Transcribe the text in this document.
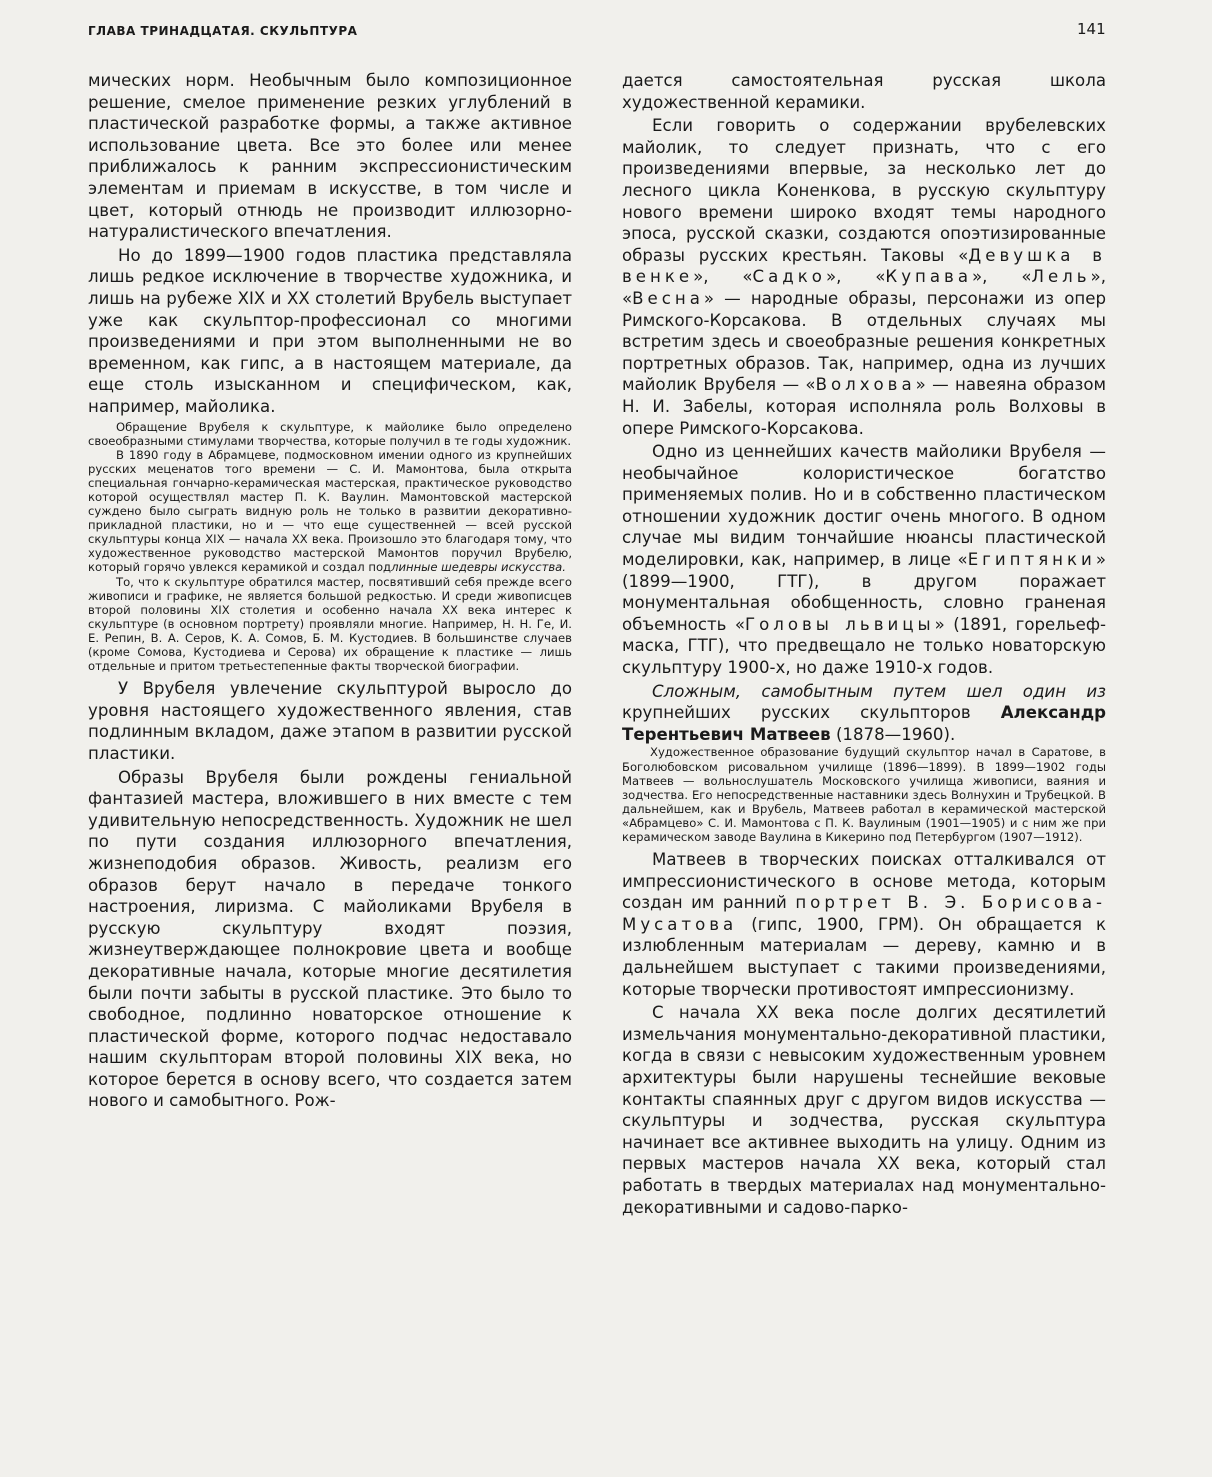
ГЛАВА ТРИНАДЦАТАЯ. СКУЛЬПТУРА	141

мических норм. Необычным было композиционное решение, смелое применение резких углублений в пластической разработке формы, а также активное использование цвета. Все это более или менее приближалось к ранним экспрессионистическим элементам и приемам в искусстве, в том числе и цвет, который отнюдь не производит иллюзорно-натуралистического впечатления.

Но до 1899—1900 годов пластика представляла лишь редкое исключение в творчестве художника, и лишь на рубеже XIX и XX столетий Врубель выступает уже как скульптор-профессионал со многими произведениями и при этом выполненными не во временном, как гипс, а в настоящем материале, да еще столь изысканном и специфическом, как, например, майолика.

Обращение Врубеля к скульптуре, к майолике было определено своеобразными стимулами творчества, которые получил в те годы художник.

В 1890 году в Абрамцеве, подмосковном имении одного из крупнейших русских меценатов того времени — С. И. Мамонтова, была открыта специальная гончарно-керамическая мастерская, практическое руководство которой осуществлял мастер П. К. Ваулин. Мамонтовской мастерской суждено было сыграть видную роль не только в развитии декоративно-прикладной пластики, но и — что еще существенней — всей русской скульптуры конца XIX — начала XX века. Произошло это благодаря тому, что художественное руководство мастерской Мамонтов поручил Врубелю, который горячо увлекся керамикой и создал подлинные шедевры искусства.

То, что к скульптуре обратился мастер, посвятивший себя прежде всего живописи и графике, не является большой редкостью. И среди живописцев второй половины XIX столетия и особенно начала XX века интерес к скульптуре (в основном портрету) проявляли многие. Например, Н. Н. Ге, И. Е. Репин, В. А. Серов, К. А. Сомов, Б. М. Кустодиев. В большинстве случаев (кроме Сомова, Кустодиева и Серова) их обращение к пластике — лишь отдельные и притом третьестепенные факты творческой биографии.

У Врубеля увлечение скульптурой выросло до уровня настоящего художественного явления, став подлинным вкладом, даже этапом в развитии русской пластики.

Образы Врубеля были рождены гениальной фантазией мастера, вложившего в них вместе с тем удивительную непосредственность. Художник не шел по пути создания иллюзорного впечатления, жизнеподобия образов. Живость, реализм его образов берут начало в передаче тонкого настроения, лиризма. С майоликами Врубеля в русскую скульптуру входят поэзия, жизнеутверждающее полнокровие цвета и вообще декоративные начала, которые многие десятилетия были почти забыты в русской пластике. Это было то свободное, подлинно новаторское отношение к пластической форме, которого подчас недоставало нашим скульпторам второй половины XIX века, но которое берется в основу всего, что создается затем нового и самобытного. Рож-

дается самостоятельная русская школа художественной керамики.

Если говорить о содержании врубелевских майолик, то следует признать, что с его произведениями впервые, за несколько лет до лесного цикла Коненкова, в русскую скульптуру нового времени широко входят темы народного эпоса, русской сказки, создаются опоэтизированные образы русских крестьян. Таковы «Девушка в венке», «Садко», «Купава», «Лель», «Весна» — народные образы, персонажи из опер Римского-Корсакова. В отдельных случаях мы встретим здесь и своеобразные решения конкретных портретных образов. Так, например, одна из лучших майолик Врубеля — «Волхова» — навеяна образом Н. И. Забелы, которая исполняла роль Волховы в опере Римского-Корсакова.

Одно из ценнейших качеств майолики Врубеля — необычайное колористическое богатство применяемых полив. Но и в собственно пластическом отношении художник достиг очень многого. В одном случае мы видим тончайшие нюансы пластической моделировки, как, например, в лице «Египтянки» (1899—1900, ГТГ), в другом поражает монументальная обобщенность, словно граненая объемность «Головы львицы» (1891, горельеф-маска, ГТГ), что предвещало не только новаторскую скульптуру 1900-х, но даже 1910-х годов.

Сложным, самобытным путем шел один из крупнейших русских скульпторов Александр Терентьевич Матвеев (1878—1960).

Художественное образование будущий скульптор начал в Саратове, в Боголюбовском рисовальном училище (1896—1899). В 1899—1902 годы Матвеев — вольнослушатель Московского училища живописи, ваяния и зодчества. Его непосредственные наставники здесь Волнухин и Трубецкой. В дальнейшем, как и Врубель, Матвеев работал в керамической мастерской «Абрамцево» С. И. Мамонтова с П. К. Ваулиным (1901—1905) и с ним же при керамическом заводе Ваулина в Кикерино под Петербургом (1907—1912).

Матвеев в творческих поисках отталкивался от импрессионистического в основе метода, которым создан им ранний портрет В. Э. Борисова-Мусатова (гипс, 1900, ГРМ). Он обращается к излюбленным материалам — дереву, камню и в дальнейшем выступает с такими произведениями, которые творчески противостоят импрессионизму.

С начала XX века после долгих десятилетий измельчания монументально-декоративной пластики, когда в связи с невысоким художественным уровнем архитектуры были нарушены теснейшие вековые контакты спаянных друг с другом видов искусства — скульптуры и зодчества, русская скульптура начинает все активнее выходить на улицу. Одним из первых мастеров начала XX века, который стал работать в твердых материалах над монументально-декоративными и садово-парко-
